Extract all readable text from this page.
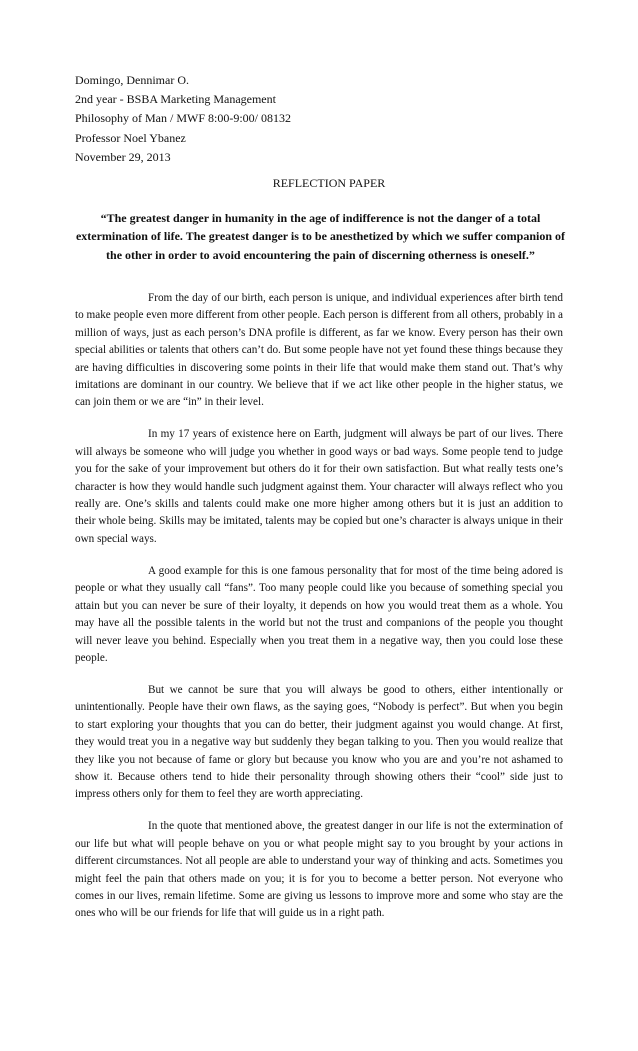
Domingo, Dennimar O.
2nd year - BSBA Marketing Management
Philosophy of Man / MWF 8:00-9:00/ 08132
Professor Noel Ybanez
November 29, 2013
REFLECTION PAPER
“The greatest danger in humanity in the age of indifference is not the danger of a total extermination of life. The greatest danger is to be anesthetized by which we suffer companion of the other in order to avoid encountering the pain of discerning otherness is oneself.”

From the day of our birth, each person is unique, and individual experiences after birth tend to make people even more different from other people. Each person is different from all others, probably in a million of ways, just as each person’s DNA profile is different, as far we know. Every person has their own special abilities or talents that others can’t do. But some people have not yet found these things because they are having difficulties in discovering some points in their life that would make them stand out. That’s why imitations are dominant in our country. We believe that if we act like other people in the higher status, we can join them or we are “in” in their level.

In my 17 years of existence here on Earth, judgment will always be part of our lives. There will always be someone who will judge you whether in good ways or bad ways. Some people tend to judge you for the sake of your improvement but others do it for their own satisfaction. But what really tests one’s character is how they would handle such judgment against them. Your character will always reflect who you really are. One’s skills and talents could make one more higher among others but it is just an addition to their whole being. Skills may be imitated, talents may be copied but one’s character is always unique in their own special ways.

A good example for this is one famous personality that for most of the time being adored is people or what they usually call “fans”. Too many people could like you because of something special you attain but you can never be sure of their loyalty, it depends on how you would treat them as a whole. You may have all the possible talents in the world but not the trust and companions of the people you thought will never leave you behind. Especially when you treat them in a negative way, then you could lose these people.

But we cannot be sure that you will always be good to others, either intentionally or unintentionally. People have their own flaws, as the saying goes, “Nobody is perfect”. But when you begin to start exploring your thoughts that you can do better, their judgment against you would change. At first, they would treat you in a negative way but suddenly they began talking to you. Then you would realize that they like you not because of fame or glory but because you know who you are and you’re not ashamed to show it. Because others tend to hide their personality through showing others their “cool” side just to impress others only for them to feel they are worth appreciating.

In the quote that mentioned above, the greatest danger in our life is not the extermination of our life but what will people behave on you or what people might say to you brought by your actions in different circumstances. Not all people are able to understand your way of thinking and acts. Sometimes you might feel the pain that others made on you; it is for you to become a better person. Not everyone who comes in our lives, remain lifetime. Some are giving us lessons to improve more and some who stay are the ones who will be our friends for life that will guide us in a right path.
